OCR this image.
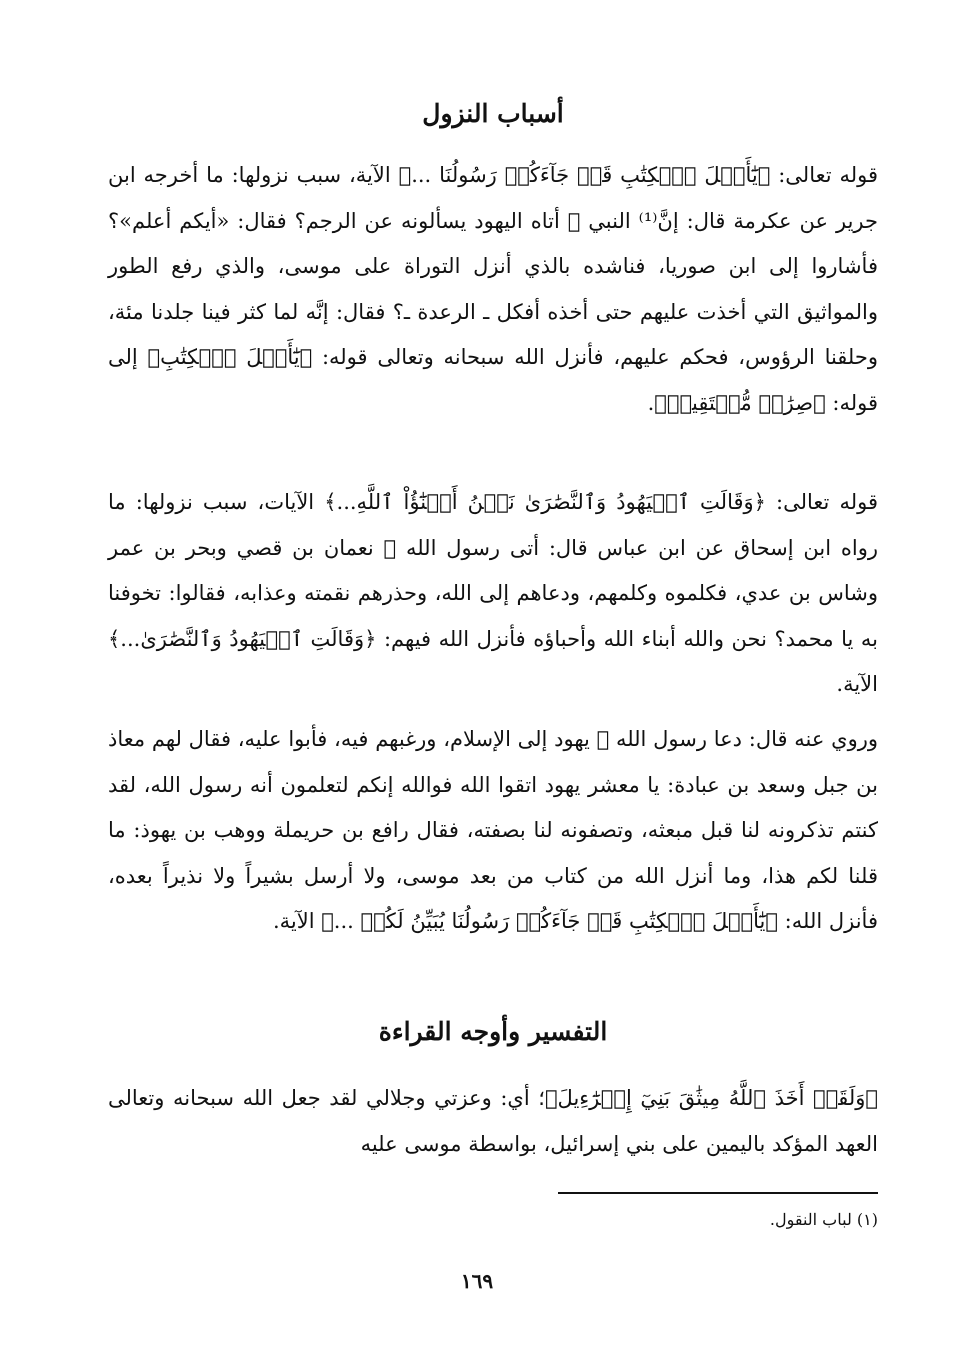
أسباب النزول

قوله تعالى: ﴿يَٰٓأَهۡلَ ٱلۡكِتَٰبِ قَدۡ جَآءَكُمۡ رَسُولُنَا ...﴾ الآية، سبب نزولها: ما أخرجه ابن جرير عن عكرمة قال: إنَّ⁽¹⁾ النبي ﷺ أتاه اليهود يسألونه عن الرجم؟ فقال: «أيكم أعلم»؟ فأشاروا إلى ابن صوريا، فناشده بالذي أنزل التوراة على موسى، والذي رفع الطور والمواثيق التي أخذت عليهم حتى أخذه أفكل ـ الرعدة ـ؟ فقال: إنَّه لما كثر فينا جلدنا مئة، وحلقنا الرؤوس، فحكم عليهم، فأنزل الله سبحانه وتعالى قوله: ﴿يَٰٓأَهۡلَ ٱلۡكِتَٰبِ﴾ إلى قوله: ﴿صِرَٰطٖ مُّسۡتَقِيمٖ﴾.

قوله تعالى: ﴿وَقَالَتِ ٱلۡيَهُودُ وَٱلنَّصَٰرَىٰ نَحۡنُ أَبۡنَٰٓؤُاْ ٱللَّهِ...﴾ الآيات، سبب نزولها: ما رواه ابن إسحاق عن ابن عباس قال: أتى رسول الله ﷺ نعمان بن قصي وبحر بن عمر وشاس بن عدي، فكلموه وكلمهم، ودعاهم إلى الله، وحذرهم نقمته وعذابه، فقالوا: تخوفنا به يا محمد؟ نحن والله أبناء الله وأحباؤه فأنزل الله فيهم: ﴿وَقَالَتِ ٱلۡيَهُودُ وَٱلنَّصَٰرَىٰ...﴾ الآية.

وروي عنه قال: دعا رسول الله ﷺ يهود إلى الإسلام، ورغبهم فيه، فأبوا عليه، فقال لهم معاذ بن جبل وسعد بن عبادة: يا معشر يهود اتقوا الله فوالله إنكم لتعلمون أنه رسول الله، لقد كنتم تذكرونه لنا قبل مبعثه، وتصفونه لنا بصفته، فقال رافع بن حريملة ووهب بن يهوذ: ما قلنا لكم هذا، وما أنزل الله من كتاب من بعد موسى، ولا أرسل بشيراً ولا نذيراً بعده، فأنزل الله: ﴿يَٰٓأَهۡلَ ٱلۡكِتَٰبِ قَدۡ جَآءَكُمۡ رَسُولُنَا يُبَيِّنُ لَكُمۡ ...﴾ الآية.

التفسير وأوجه القراءة

﴿وَلَقَدۡ أَخَذَ ٱللَّهُ مِيثَٰقَ بَنِيٓ إِسۡرَٰٓءِيلَ﴾؛ أي: وعزتي وجلالي لقد جعل الله سبحانه وتعالى العهد المؤكد باليمين على بني إسرائيل، بواسطة موسى عليه

(١) لباب النقول.
١٦٩
